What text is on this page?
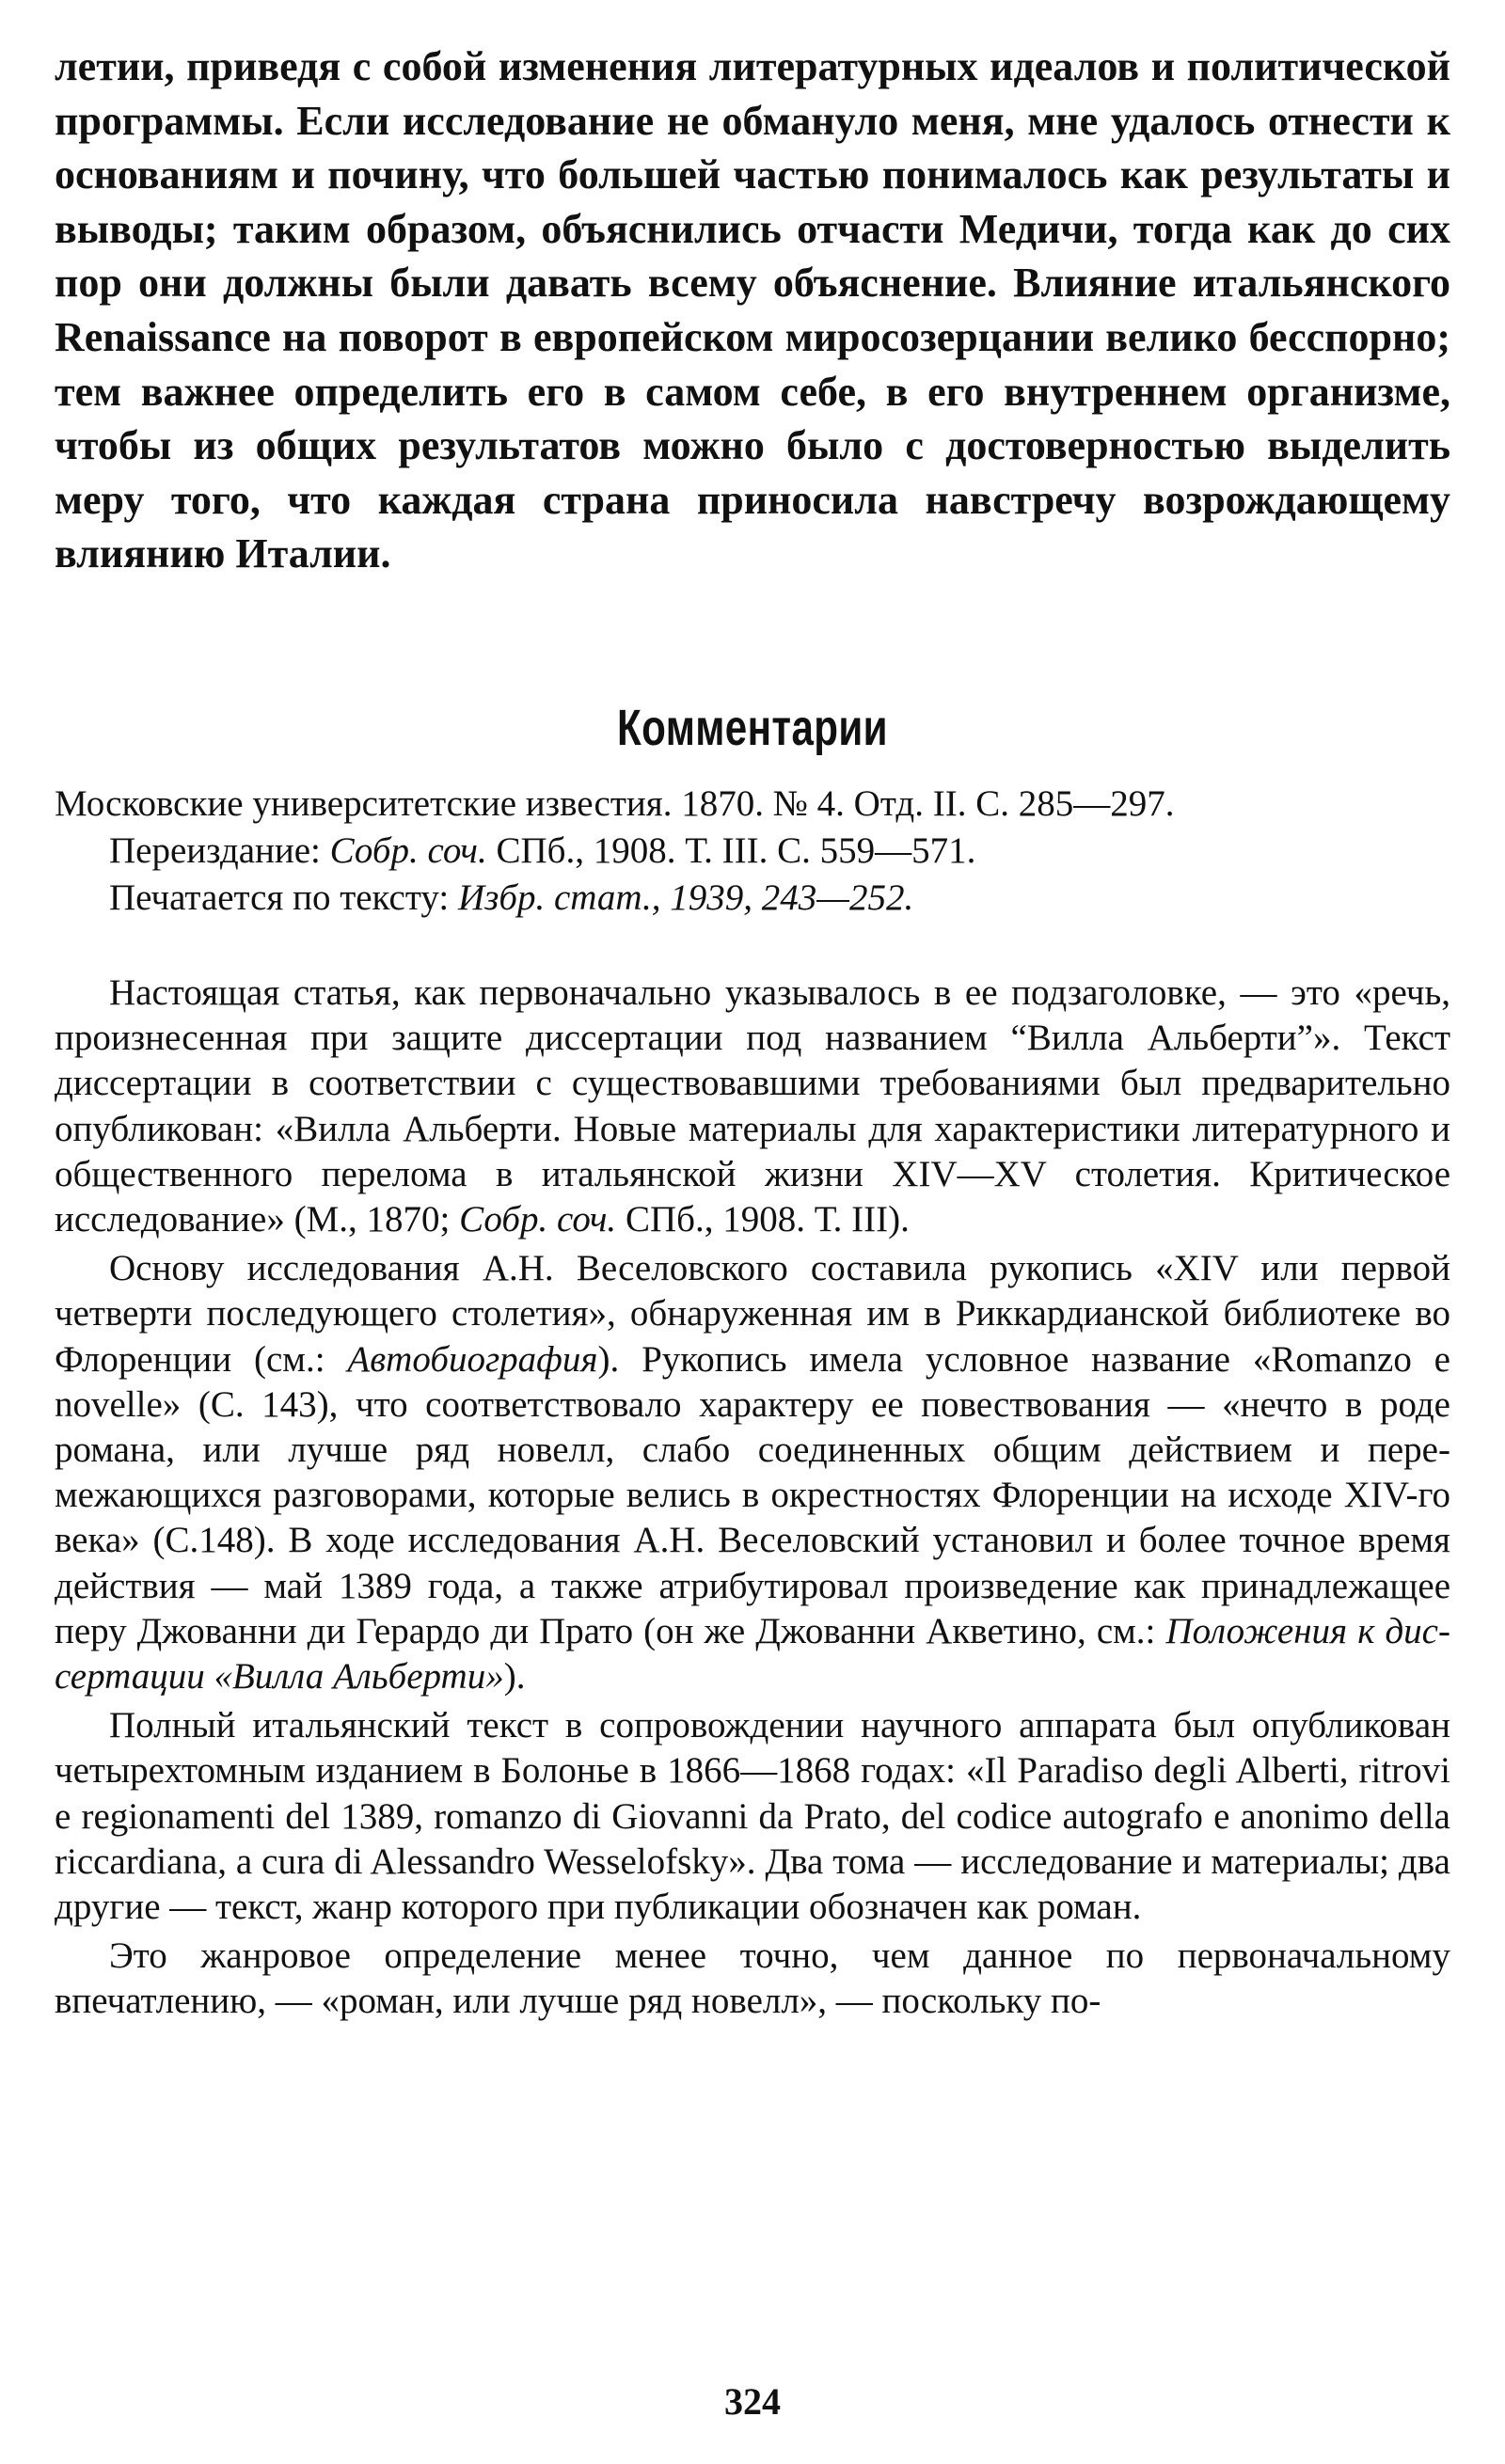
летии, приведя с собой изменения литературных идеалов и политической программы. Если исследование не обмануло меня, мне удалось отнести к основаниям и почину, что большей частью понималось как результаты и выводы; таким образом, объяснились отчасти Медичи, тогда как до сих пор они должны были давать всему объяснение. Влияние итальянского Renaissance на поворот в европейском миросозерцании велико бесспорно; тем важнее определить его в самом себе, в его внутреннем организме, чтобы из общих результатов можно было с достоверностью выделить меру того, что каждая страна приносила навстречу возрождающему влиянию Италии.

Комментарии

Московские университетские известия. 1870. № 4. Отд. II. С. 285—297.

Переиздание: Собр. соч. СПб., 1908. Т. III. С. 559—571.

Печатается по тексту: Избр. стат., 1939, 243—252.

Настоящая статья, как первоначально указывалось в ее подзаголовке, — это «речь, произнесенная при защите диссертации под названием “Вилла Альберти”». Текст диссертации в соответствии с существовавшими требованиями был предварительно опубликован: «Вилла Альберти. Новые материалы для характеристики литературного и общественного перелома в итальянской жизни XIV—XV столетия. Критическое исследование» (М., 1870; Собр. соч. СПб., 1908. Т. III).

Основу исследования А.Н. Веселовского составила рукопись «XIV или первой четверти последующего столетия», обнаруженная им в Риккардианской библиотеке во Флоренции (см.: Автобиография). Рукопись имела условное название «Romanzo e novelle» (С. 143), что соответствовало характеру ее повествования — «нечто в роде романа, или лучше ряд новелл, слабо соединенных общим действием и перемежающихся разговорами, которые велись в окрестностях Флоренции на исходе XIV-го века» (С.148). В ходе исследования А.Н. Веселовский установил и более точное время действия — май 1389 года, а также атрибутировал произведение как принадлежащее перу Джованни ди Герардо ди Прато (он же Джованни Акветино, см.: Положения к диссертации «Вилла Альберти»).

Полный итальянский текст в сопровождении научного аппарата был опубликован четырехтомным изданием в Болонье в 1866—1868 годах: «Il Paradiso degli Alberti, ritrovi e regionamenti del 1389, romanzo di Giovanni da Prato, del codice autografo e anonimo della riccardiana, a cura di Alessandro Wesselofsky». Два тома — исследование и материалы; два другие — текст, жанр которого при публикации обозначен как роман.

Это жанровое определение менее точно, чем данное по первоначальному впечатлению, — «роман, или лучше ряд новелл», — поскольку по-

324
